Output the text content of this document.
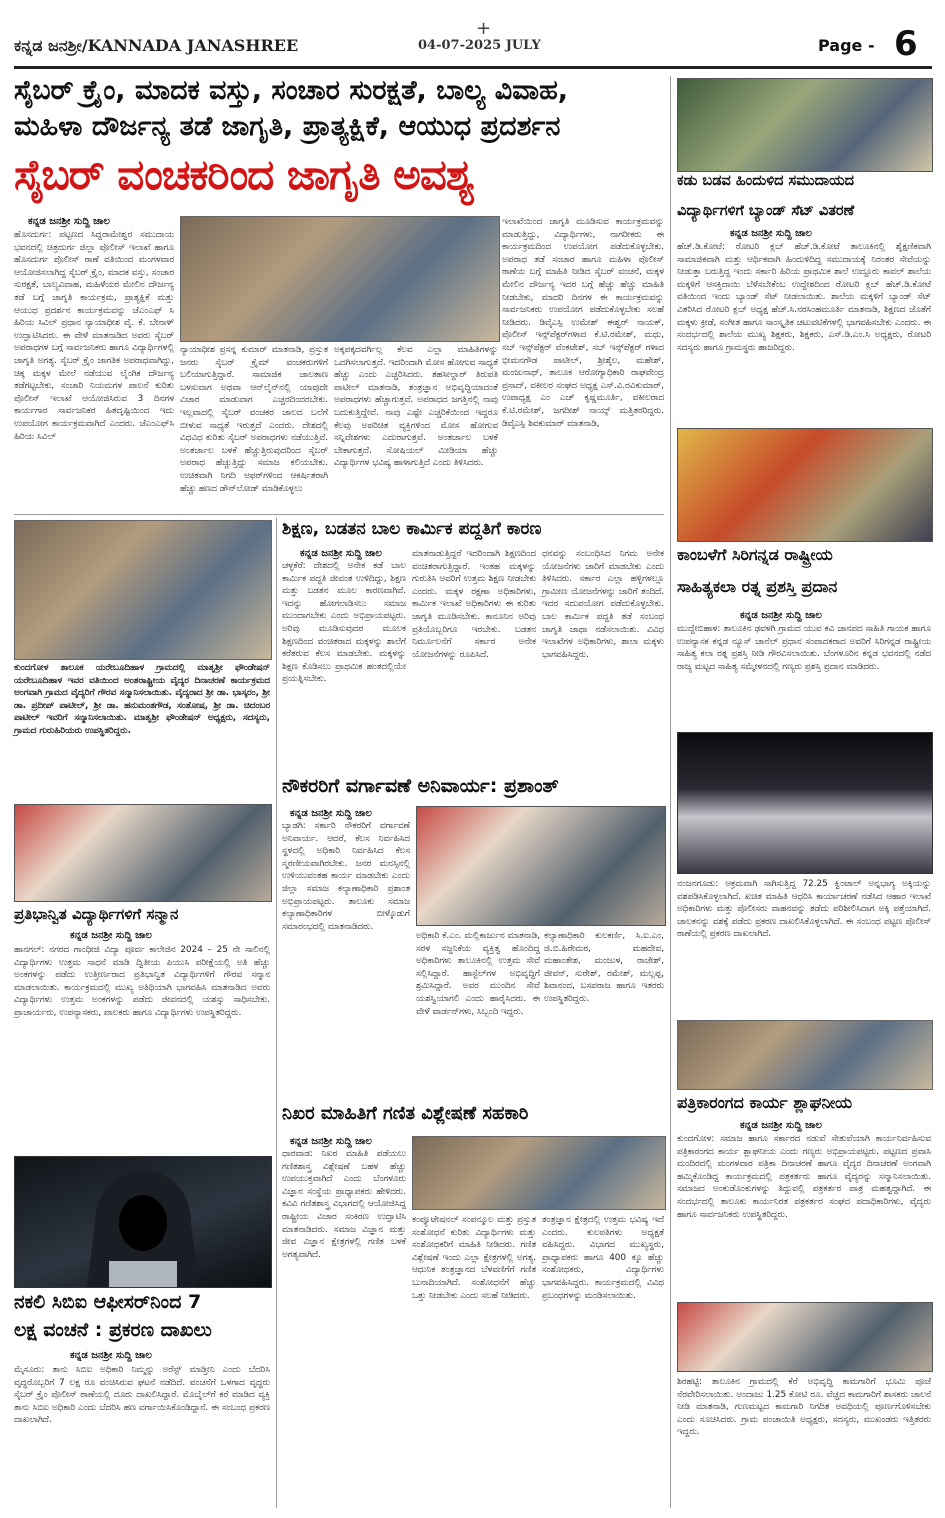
ಕನ್ನಡ ಜನಶ್ರೀ/KANNADA JANASHREE
+
04-07-2025 JULY	Page - 6
ಸೈಬರ್ ಕ್ರೈಂ, ಮಾದಕ ವಸ್ತು, ಸಂಚಾರ ಸುರಕ್ಷತೆ, ಬಾಲ್ಯ ವಿವಾಹ,
ಮಹಿಳಾ ದೌರ್ಜನ್ಯ ತಡೆ ಜಾಗೃತಿ, ಪ್ರಾತ್ಯಕ್ಷಿಕೆ, ಆಯುಧ ಪ್ರದರ್ಶನ
ಸೈಬರ್ ವಂಚಕರಿಂದ ಜಾಗೃತಿ ಅವಶ್ಯ
ಕನ್ನಡ ಜನಶ್ರೀ ಸುದ್ದಿ ಜಾಲ
ಹೊಸದುರ್ಗ: ಪಟ್ಟಣದ ಸಿದ್ದರಾಮೇಶ್ವರ ಸಮುದಾಯ ಭವನದಲ್ಲಿ ಚಿತ್ರದುರ್ಗ ಜಿಲ್ಲಾ ಪೊಲೀಸ್ ಇಲಾಖೆ ಹಾಗೂ ಹೊಸದುರ್ಗ ಪೊಲೀಸ್ ಠಾಣೆ ವತಿಯಿಂದ ಮಂಗಳವಾರ ಆಯೋಜಿಸಲಾಗಿದ್ದ ಸೈಬರ್ ಕ್ರೈಂ, ಮಾದಕ ವಸ್ತು, ಸಂಚಾರ ಸುರಕ್ಷತೆ, ಬಾಲ್ಯವಿವಾಹ, ಮಹಿಳೆಯರ ಮೇಲಿನ ದೌರ್ಜನ್ಯ ತಡೆ ಬಗ್ಗೆ ಜಾಗೃತಿ ಕಾರ್ಯಕ್ರಮ, ಪ್ರಾತ್ಯಕ್ಷಿಕೆ ಮತ್ತು ಆಯುಧ ಪ್ರದರ್ಶನ ಕಾರ್ಯಕ್ರಮವನ್ನು ಜೆಎಂಎಫ್ ಸಿ ಹಿರಿಯ ಸಿವಿಲ್ ಪ್ರಧಾನ ನ್ಯಾಯಾಧೀಶ ವೈ. ಕೆ. ಬೇನಾಳ್ ಉದ್ಘಾಟಿಸಿದರು. ಈ ವೇಳೆ ಮಾತನಾಡಿದ ಅವರು ಸೈಬರ್ ಅಪರಾಧಗಳ ಬಗ್ಗೆ ಸಾರ್ವಜನಿಕರು ಹಾಗೂ ವಿದ್ಯಾರ್ಥಿಗಳಲ್ಲಿ ಜಾಗೃತಿ ಅಗತ್ಯ. ಸೈಬರ್ ಕ್ರೈಂ ಜಾಗತಿಕ ಅಪರಾಧವಾಗಿದ್ದು, ಚಿಕ್ಕ ಮಕ್ಕಳ ಮೇಲೆ ನಡೆಯುವ ಲೈಂಗಿಕ ದೌರ್ಜನ್ಯ ತಡೆಗಟ್ಟಬೇಕು, ಸಂಚಾರಿ ನಿಯಮಗಳ ಪಾಲನೆ ಕುರಿತು ಪೊಲೀಸ್ ಇಲಾಖೆ ಆಯೋಜಿಸಿರುವ 3 ದಿನಗಳ ಕಾರ್ಯಗಾರ ಸಾರ್ವಜನಿಕರ ಹಿತದೃಷ್ಟಿಯಿಂದ ಇದು ಉಪಯೋಗ ಕಾರ್ಯಕ್ರಮವಾಗಿದೆ ಎಂದರು. ಜೆಎಂಎಫ್‌ಸಿ ಹಿರಿಯ ಸಿವಿಲ್
ನ್ಯಾಯಾಧೀಶ ಪ್ರಸನ್ನ ಕುಮಾರ್ ಮಾತನಾಡಿ, ಪ್ರಸ್ತುತ ಜನರು ಸೈಬರ್ ಕ್ರೈಮ್ ವಂಚಕರುಗಳಿಗೆ ಬಲಿಯಾಗುತ್ತಿದ್ದಾರೆ. ಸಾಮಾಜಿಕ ಜಾಲತಾಣ ಬಳಸುವಾಗ ಅಥವಾ ಆನ್‌ಲೈನ್‌ನಲ್ಲಿ ಯಾವುದೇ ವಿಚಾರ ಮಾಡುವಾಗ ಎಚ್ಚರದಿಂದರಬೇಕು. ಇಲ್ಲವಾದಲ್ಲಿ ಸೈಬರ್ ವಂಚಕರ ಜಾಲದ ಬಲೆಗೆ ಬೀಳುವ ಸಾಧ್ಯತೆ ಇರುತ್ತದೆ ಎಂದರು. ದೇಶದಲ್ಲಿ ವಿಧವಿಧ ಕುರಿತು ಸೈಬರ್ ಅಪರಾಧಗಳು ನಡೆಯುತ್ತಿವೆ. ಅಂತರ್ಜಾಲ ಬಳಕೆ ಹೆಚ್ಚುತ್ತಿರುವುದರಿಂದ ಸೈಬರ್ ಅಪರಾಧ ಹೆಚ್ಚುತ್ತಿದ್ದು ಸಮಾಜ ಕಲಿಯಬೇಕು. ಉಚಿತವಾಗಿ ನಿಗದಿ ಆಫರ್‌ಗಳಿಂದ ಆಕರ್ಷಿತರಾಗಿ ಹೆಚ್ಚು ಹಣದ ಡೌನ್‌ಲೋಡ್ ಮಾಡಿಕೊಳ್ಳಲು
ಅಕ್ಕಪಕ್ಕದವರ್ಗಿಲ್ಲ ಕೆಲವ ಎಲ್ಲಾ ಮಾಹಿತಿಗಳನ್ನು ಒದಗಿಸಲಾಗುತ್ತದೆ. ಇದರಿಂದಾಗಿ ಮೋಸ ಹೋಗುವ ಸಾಧ್ಯತೆ ಹೆಚ್ಚು ಎಂದು ಎಚ್ಚರಿಸಿದರು. ತಹಸೀಲ್ದಾರ್ ತಿರುಪತಿ ಪಾಟೀಲ್ ಮಾತನಾಡಿ, ತಂತ್ರಜ್ಞಾನ ಅಭಿವೃದ್ಧಿಯಾದಂತೆ ಅಪರಾಧಗಳು ಹೆಚ್ಚಾಗುತ್ತವೆ. ಅಪರಾಧದ ಜಗತ್ತಿನಲ್ಲಿ ನಾವು ಬದುಕುತ್ತಿದ್ದೇವೆ. ನಾವು ಎಷ್ಟೇ ಎಚ್ಚರಿಕೆಯಿಂದ ಇದ್ದರೂ ಕೆಲವು ಅಪರಿಚಿತ ವ್ಯಕ್ತಿಗಳಿಂದ ಮೋಸ ಹೋಗುವ ಸನ್ನಿವೇಶಗಳು ಎದುರಾಗುತ್ತವೆ. ಅಂತರ್ಜಾಲ ಬಳಕೆ ಬೇಕಾಗುತ್ತದೆ. ಸೋಷಿಯಲ್ ಮೀಡಿಯಾ ಹೆಚ್ಚು ವಿದ್ಯಾರ್ಥಿಗಳ ಭವಿಷ್ಯ ಹಾಳಾಗುತ್ತಿದೆ ಎಂದು ತಿಳಿಸಿದರು.
ಇಲಾಖೆಯಿಂದ ಜಾಗೃತಿ ಮೂಡಿಸುವ ಕಾರ್ಯಕ್ರಮವನ್ನು ಮಾಡುತ್ತಿದ್ದು, ವಿದ್ಯಾರ್ಥಿಗಳು, ನಾಗರೀಕರು ಈ ಕಾರ್ಯಕ್ರಮದಿಂದ ಉಪಯೋಗ ಪಡೆದುಕೊಳ್ಳಬೇಕು. ಅಪರಾಧ ತಡೆ ಸಂಚಾರ ಹಾಗೂ ಮಹಿಳಾ ಪೊಲೀಸ್ ಠಾಣೆಯ ಬಗ್ಗೆ ಮಾಹಿತಿ ನೀಡಿದ ಸೈಬರ್ ವಂಚನೆ, ಮಕ್ಕಳ ಮೇಲಿನ ದೌರ್ಜನ್ಯ ಇದರ ಬಗ್ಗೆ ಹೆಚ್ಚು ಹೆಚ್ಚು ಮಾಹಿತಿ ನೀಡಬೇಕು, ಮಾದರಿ ದಿನಗಳ ಈ ಕಾರ್ಯಕ್ರಮವನ್ನು ಸಾರ್ವಜನಿಕರು ಉಪಯೋಗ ಪಡೆದುಕೊಳ್ಳಬೇಕು ಸಲಹೆ ನೀಡಿದರು. ಡಿವೈಎಸ್ಪಿ ಉಮೇಶ್ ಈಶ್ವರ್ ನಾಯಕ್, ಪೊಲೀಸ್ ಇನ್ಸ್‌ಪೆಕ್ಟರ್‌ಗಳಾದ ಕೆ.ಟಿ.ರಮೇಶ್, ಮಧು, ಸಬ್ ಇನ್ಸ್‌ಪೆಕ್ಟರ್ ವೆಂಕಟೇಶ್, ಸಬ್ ಇನ್ಸ್‌ಪೆಕ್ಟರ್ ಗಳಾದ ಭೀಮನಗೌಡ ಪಾಟೀಲ್, ಶ್ರೀಶೈಲ, ಮಹೇಶ್, ಮಂಜುನಾಥ್, ತಾಲೂಕ ಆರೋಗ್ಯಾಧಿಕಾರಿ ರಾಘವೇಂದ್ರ ಪ್ರಸಾದ್, ವಕೀಲರ ಸಂಘದ ಅಧ್ಯಕ್ಷ ಎಸ್.ವಿ.ರವಿಕುಮಾರ್, ಉಪಾಧ್ಯಕ್ಷ ಎಂ ಎಚ್ ಕೃಷ್ಣಮೂರ್ತಿ, ವಕೀಲರಾದ ಕೆ.ಟಿ.ರಮೇಶ್, ಜಗದೀಶ್ ನಾಯ್ಕ್ ಮತ್ತಿತರರಿದ್ದರು. ಡಿವೈಎಸ್ಪಿ ಶಿವಕುಮಾರ್ ಮಾತನಾಡಿ,
ಕಡು ಬಡವ ಹಿಂದುಳಿದ ಸಮುದಾಯದ
ವಿದ್ಯಾರ್ಥಿಗಳಿಗೆ ಬ್ಯಾಂಡ್ ಸೆಟ್ ವಿತರಣೆ
ಕನ್ನಡ ಜನಶ್ರೀ ಸುದ್ದಿ ಜಾಲ
ಹೆಚ್.ಡಿ.ಕೋಟೆ: ರೋಟರಿ ಕ್ಲಬ್ ಹೆಚ್.ಡಿ.ಕೋಟೆ ತಾಲೂಕಿನಲ್ಲಿ ಶೈಕ್ಷಣಿಕವಾಗಿ ಸಾಮಾಜಿಕವಾಗಿ ಮತ್ತು ಆರ್ಥಿಕವಾಗಿ ಹಿಂದುಳಿದಿದ್ದ ಸಮುದಾಯಕ್ಕೆ ನಿರಂತರ ಸೇವೆಯನ್ನು ನೀಡುತ್ತಾ ಬರುತ್ತಿದ್ದ ಇಂದು ಸರ್ಕಾರಿ ಹಿರಿಯ ಪ್ರಾಥಮಿಕ ಶಾಲೆ ಉದ್ದೂರು ಕಾವಲ್ ಶಾಲೆಯ ಮಕ್ಕಳಿಗೆ ಆಸಕ್ತಿದಾಯಿ ಬೆಳೆಸಬೇಕೆಂಬ ಉದ್ದೇಶದಿಂದ ರೋಟರಿ ಕ್ಲಬ್ ಹೆಚ್.ಡಿ.ಕೋಟೆ ವತಿಯಿಂದ ಇಂದು ಬ್ಯಾಂಡ್ ಸೆಟ್ ನೀಡಲಾಯಿತು. ಶಾಲೆಯ ಮಕ್ಕಳಿಗೆ ಬ್ಯಾಂಡ್ ಸೆಟ್ ವಿತರಿಸಿದ ರೋಟರಿ ಕ್ಲಬ್ ಅಧ್ಯಕ್ಷ ಹೆಚ್.ಸಿ.ನರಸಿಂಹಮೂರ್ತಿ ಮಾತನಾಡಿ, ಶಿಕ್ಷಣದ ಜೊತೆಗೆ ಮಕ್ಕಳು ಕ್ರೀಡೆ, ಸಂಗೀತ ಹಾಗೂ ಸಾಂಸ್ಕೃತಿಕ ಚಟುವಟಿಕೆಗಳಲ್ಲಿ ಭಾಗವಹಿಸಬೇಕು ಎಂದರು. ಈ ಸಂದರ್ಭದಲ್ಲಿ ಶಾಲೆಯ ಮುಖ್ಯ ಶಿಕ್ಷಕರು, ಶಿಕ್ಷಕರು, ಎಸ್.ಡಿ.ಎಂ.ಸಿ ಅಧ್ಯಕ್ಷರು, ರೋಟರಿ ಸದಸ್ಯರು ಹಾಗೂ ಗ್ರಾಮಸ್ಥರು ಹಾಜರಿದ್ದರು.
ಕಾಂಬಳೆಗೆ ಸಿರಿಗನ್ನಡ ರಾಷ್ಟ್ರೀಯ
ಸಾಹಿತ್ಯಕಲಾ ರತ್ನ ಪ್ರಶಸ್ತಿ ಪ್ರದಾನ
ಕನ್ನಡ ಜನಶ್ರೀ ಸುದ್ದಿ ಜಾಲ
ಮುದ್ದೇಬಿಹಾಳ: ತಾಲೂಕಿನ ಢವಳಗಿ ಗ್ರಾಮದ ಯುವ ಕವಿ ಜಾನಪದ ಸಾಹಿತಿ ಗಾಯಕ ಹಾಗೂ ಉಪನ್ಯಾಸಕ ಕನ್ನಡ ನ್ಯೂಸ್ ಚಾನೆಲ್ ಪ್ರಧಾನ ಸಂಪಾದಕರಾದ ಅವರಿಗೆ ಸಿರಿಗನ್ನಡ ರಾಷ್ಟ್ರೀಯ ಸಾಹಿತ್ಯ ಕಲಾ ರತ್ನ ಪ್ರಶಸ್ತಿ ನೀಡಿ ಗೌರವಿಸಲಾಯಿತು. ಬೆಂಗಳೂರಿನ ಕನ್ನಡ ಭವನದಲ್ಲಿ ನಡೆದ ರಾಜ್ಯ ಮಟ್ಟದ ಸಾಹಿತ್ಯ ಸಮ್ಮೇಳನದಲ್ಲಿ ಗಣ್ಯರು ಪ್ರಶಸ್ತಿ ಪ್ರದಾನ ಮಾಡಿದರು.
ನಂಜನಗೂಡು: ಅಕ್ರಮವಾಗಿ ಸಾಗಿಸುತ್ತಿದ್ದ 72.25 ಕ್ವಿಂಟಾಲ್ ಅನ್ನಭಾಗ್ಯ ಅಕ್ಕಿಯನ್ನು ವಶಪಡಿಸಿಕೊಳ್ಳಲಾಗಿದೆ. ಖಚಿತ ಮಾಹಿತಿ ಆಧರಿಸಿ ಕಾರ್ಯಾಚರಣೆ ನಡೆಸಿದ ಆಹಾರ ಇಲಾಖೆ ಅಧಿಕಾರಿಗಳು ಮತ್ತು ಪೊಲೀಸರು ವಾಹನವನ್ನು ತಡೆದು ಪರಿಶೀಲಿಸಿದಾಗ ಅಕ್ಕಿ ಪತ್ತೆಯಾಗಿದೆ. ಚಾಲಕನನ್ನು ವಶಕ್ಕೆ ಪಡೆದು ಪ್ರಕರಣ ದಾಖಲಿಸಿಕೊಳ್ಳಲಾಗಿದೆ. ಈ ಸಂಬಂಧ ಪಟ್ಟಣ ಪೊಲೀಸ್ ಠಾಣೆಯಲ್ಲಿ ಪ್ರಕರಣ ದಾಖಲಾಗಿದೆ.
ಪತ್ರಿಕಾರಂಗದ ಕಾರ್ಯ ಶ್ಲಾಘನೀಯ
ಕನ್ನಡ ಜನಶ್ರೀ ಸುದ್ದಿ ಜಾಲ
ಕುಂದಗೋಳ: ಸಮಾಜ ಹಾಗೂ ಸರ್ಕಾರದ ನಡುವೆ ಸೇತುವೆಯಾಗಿ ಕಾರ್ಯನಿರ್ವಹಿಸುವ ಪತ್ರಿಕಾರಂಗದ ಕಾರ್ಯ ಶ್ಲಾಘನೀಯ ಎಂದು ಗಣ್ಯರು ಅಭಿಪ್ರಾಯಪಟ್ಟರು. ಪಟ್ಟಣದ ಪ್ರವಾಸಿ ಮಂದಿರದಲ್ಲಿ ಮಂಗಳವಾರ ಪತ್ರಿಕಾ ದಿನಾಚರಣೆ ಹಾಗೂ ವೈದ್ಯರ ದಿನಾಚರಣೆ ಅಂಗವಾಗಿ ಹಮ್ಮಿಕೊಂಡಿದ್ದ ಕಾರ್ಯಕ್ರಮದಲ್ಲಿ ಪತ್ರಕರ್ತರು ಹಾಗೂ ವೈದ್ಯರನ್ನು ಸನ್ಮಾನಿಸಲಾಯಿತು. ಸಮಾಜದ ಅಂಕುಡೊಂಕುಗಳನ್ನು ತಿದ್ದುವಲ್ಲಿ ಪತ್ರಕರ್ತರ ಪಾತ್ರ ಮಹತ್ವದ್ದಾಗಿದೆ. ಈ ಸಂದರ್ಭದಲ್ಲಿ ತಾಲೂಕು ಕಾರ್ಯನಿರತ ಪತ್ರಕರ್ತರ ಸಂಘದ ಪದಾಧಿಕಾರಿಗಳು, ವೈದ್ಯರು ಹಾಗೂ ಸಾರ್ವಜನಿಕರು ಉಪಸ್ಥಿತರಿದ್ದರು.
ಶಿರಹಟ್ಟಿ: ತಾಲೂಕಿನ ಗ್ರಾಮದಲ್ಲಿ ಕೆರೆ ಅಭಿವೃದ್ಧಿ ಕಾಮಗಾರಿಗೆ ಭೂಮಿ ಪೂಜೆ ನೆರವೇರಿಸಲಾಯಿತು. ಅಂದಾಜು 1.25 ಕೋಟಿ ರೂ. ವೆಚ್ಚದ ಕಾಮಗಾರಿಗೆ ಶಾಸಕರು ಚಾಲನೆ ನೀಡಿ ಮಾತನಾಡಿ, ಗುಣಮಟ್ಟದ ಕಾಮಗಾರಿ ನಿಗದಿತ ಅವಧಿಯಲ್ಲಿ ಪೂರ್ಣಗೊಳಿಸಬೇಕು ಎಂದು ಸೂಚಿಸಿದರು. ಗ್ರಾಮ ಪಂಚಾಯಿತಿ ಅಧ್ಯಕ್ಷರು, ಸದಸ್ಯರು, ಮುಖಂಡರು ಇತ್ತಿತರರು ಇದ್ದರು.
ಕುಂದಗೋಳ ತಾಲೂಕ ಯರೇಬೂದಿಹಾಳ ಗ್ರಾಮದಲ್ಲಿ ಮಾತೃಶ್ರೀ ಫೌಂಡೇಷನ್ ಯರೇಬೂದಿಹಾಳ ಇವರ ವತಿಯಿಂದ ಅಂತರಾಷ್ಟ್ರೀಯ ವೈದ್ಯರ ದಿನಾಚರಣೆ ಕಾರ್ಯಕ್ರಮದ ಅಂಗವಾಗಿ ಗ್ರಾಮದ ವೈದ್ಯರಿಗೆ ಗೌರವ ಸನ್ಮಾನಿಸಲಾಯಿತು. ವೈದ್ಯರಾದ ಶ್ರೀ ಡಾ. ಭಾಸ್ಕರಂ, ಶ್ರೀ ಡಾ. ಪ್ರದೀಪ್ ಪಾಟೀಲ್, ಶ್ರೀ ಡಾ. ಹನುಮಂತಗೌಡ, ಸಂತೋಷ, ಶ್ರೀ ಡಾ. ಚಿದಂಬರ ಪಾಟೀಲ್ ಇವರಿಗೆ ಸನ್ಮಾನಿಸಲಾಯಿತು. ಮಾತೃಶ್ರೀ ಫೌಂಡೇಷನ್ ಅಧ್ಯಕ್ಷರು, ಸದಸ್ಯರು, ಗ್ರಾಮದ ಗುರುಹಿರಿಯರು ಉಪಸ್ಥಿತರಿದ್ದರು.
ಪ್ರತಿಭಾನ್ವಿತ ವಿದ್ಯಾರ್ಥಿಗಳಿಗೆ ಸನ್ಮಾನ
ಕನ್ನಡ ಜನಶ್ರೀ ಸುದ್ದಿ ಜಾಲ
ಹಾನಗಲ್: ನಗರದ ಗಾಂಧೀಜಿ ವಿದ್ಯಾ ಪೂರ್ವ ಕಾಲೇಜಿನ 2024 – 25 ನೇ ಸಾಲಿನಲ್ಲಿ ವಿದ್ಯಾರ್ಥಿಗಳು ಉತ್ತಮ ಸಾಧನೆ ಮಾಡಿ ದ್ವಿತೀಯ ಪಿಯುಸಿ ಪರೀಕ್ಷೆಯಲ್ಲಿ ಅತಿ ಹೆಚ್ಚು ಅಂಕಗಳನ್ನು ಪಡೆದು ಉತ್ತೀರ್ಣರಾದ ಪ್ರತಿಭಾನ್ವಿತ ವಿದ್ಯಾರ್ಥಿಗಳಿಗೆ ಗೌರವ ಸನ್ಮಾನ ಮಾಡಲಾಯಿತು. ಕಾರ್ಯಕ್ರಮದಲ್ಲಿ ಮುಖ್ಯ ಅತಿಥಿಯಾಗಿ ಭಾಗವಹಿಸಿ ಮಾತನಾಡಿದ ಅವರು ವಿದ್ಯಾರ್ಥಿಗಳು ಉತ್ತಮ ಅಂಕಗಳನ್ನು ಪಡೆದು ಜೀವನದಲ್ಲಿ ಯಶಸ್ಸು ಸಾಧಿಸಬೇಕು. ಪ್ರಾಚಾರ್ಯರು, ಉಪನ್ಯಾಸಕರು, ಪಾಲಕರು ಹಾಗೂ ವಿದ್ಯಾರ್ಥಿಗಳು ಉಪಸ್ಥಿತರಿದ್ದರು.
ನಕಲಿ ಸಿಬಿಐ ಆಫೀಸರ್‌ನಿಂದ 7
ಲಕ್ಷ ವಂಚನೆ : ಪ್ರಕರಣ ದಾಖಲು
ಕನ್ನಡ ಜನಶ್ರೀ ಸುದ್ದಿ ಜಾಲ
ಮೈಸೂರು: ತಾನು ಸಿಬಿಐ ಅಧಿಕಾರಿ ನಿಮ್ಮನ್ನು ಅರೆಸ್ಟ್ ಮಾಡ್ತೀನಿ ಎಂದು ಬೆದರಿಸಿ ವೃದ್ಧರೊಬ್ಬರಿಗೆ 7 ಲಕ್ಷ ರೂ ವಂಚಿಸಿರುವ ಘಟನೆ ನಡೆದಿದೆ. ವಂಚನೆಗೆ ಒಳಗಾದ ವೃದ್ಧರು ಸೈಬರ್ ಕ್ರೈಂ ಪೊಲೀಸ್ ಠಾಣೆಯಲ್ಲಿ ದೂರು ದಾಖಲಿಸಿದ್ದಾರೆ. ಮೊಬೈಲ್‌ಗೆ ಕರೆ ಮಾಡಿದ ವ್ಯಕ್ತಿ ತಾನು ಸಿಬಿಐ ಅಧಿಕಾರಿ ಎಂದು ಬೆದರಿಸಿ ಹಣ ವರ್ಗಾಯಿಸಿಕೊಂಡಿದ್ದಾನೆ. ಈ ಸಂಬಂಧ ಪ್ರಕರಣ ದಾಖಲಾಗಿದೆ.
ಶಿಕ್ಷಣ, ಬಡತನ ಬಾಲ ಕಾರ್ಮಿಕ ಪದ್ದತಿಗೆ ಕಾರಣ
ಕನ್ನಡ ಜನಶ್ರೀ ಸುದ್ದಿ ಜಾಲ
ಚಳ್ಳಕೆರೆ: ದೇಶದಲ್ಲಿ ಅನೇಕ ಕಡೆ ಬಾಲ ಕಾರ್ಮಿಕ ಪದ್ಧತಿ ಜೀವಂತ ಉಳಿದಿದ್ದು, ಶಿಕ್ಷಣ ಮತ್ತು ಬಡತನ ಮೂಲ ಕಾರಣವಾಗಿವೆ. ಇದನ್ನು ಹೋಗಲಾಡಿಸಲು ಸಮಾಜ ಮುಂದಾಗಬೇಕು ಎಂದು ಅಭಿಪ್ರಾಯಪಟ್ಟರು. ಅರಿವು ಮೂಡಿಸುವುದರ ಮೂಲಕ ಶಿಕ್ಷಣದಿಂದ ವಂಚಿತರಾದ ಮಕ್ಕಳನ್ನು ಶಾಲೆಗೆ ಕರೆತರುವ ಕೆಲಸ ಮಾಡಬೇಕು. ಮಕ್ಕಳನ್ನು ಶಿಕ್ಷಣ ಕೊಡಿಸಲು ಪ್ರಾಥಮಿಕ ಹಂತದಲ್ಲಿಯೇ ಪ್ರಯತ್ನಿಸಬೇಕು.
ಮಾತನಾಡುತ್ತಿದ್ದರೆ ಇದರಿಂದಾಗಿ ಶಿಕ್ಷಣದಿಂದ ವಂಚಿತರಾಗುತ್ತಿದ್ದಾರೆ. ಇಂತಹ ಮಕ್ಕಳನ್ನು ಗುರುತಿಸಿ ಅವರಿಗೆ ಉತ್ತಮ ಶಿಕ್ಷಣ ನೀಡಬೇಕು ಎಂದರು. ಮಕ್ಕಳ ರಕ್ಷಣಾ ಅಧಿಕಾರಿಗಳು, ಕಾರ್ಮಿಕ ಇಲಾಖೆ ಅಧಿಕಾರಿಗಳು ಈ ಕುರಿತು ಜಾಗೃತಿ ಮೂಡಿಸಬೇಕು. ಕಾನೂನಿನ ಅರಿವು ಪ್ರತಿಯೊಬ್ಬರಿಗೂ ಇರಬೇಕು. ಬಡತನ ನಿರ್ಮೂಲನೆಗೆ ಸರ್ಕಾರ ಅನೇಕ ಯೋಜನೆಗಳನ್ನು ರೂಪಿಸಿದೆ.
ಧನವನ್ನು ಸಂಬಂಧಿಸಿದ ನಿಗಮ ಅನೇಕ ಯೋಜನೆಗಳು ಜಾರಿಗೆ ಮಾಡಬೇಕು ಎಂದು ತಿಳಿಸಿದರು. ಸರ್ಕಾರ ಎಲ್ಲಾ ಹಳ್ಳಿಗಳಲ್ಲೂ ಗ್ರಾಮೀಣ ಯೋಜನೆಗಳನ್ನು ಜಾರಿಗೆ ತಂದಿದೆ. ಇದರ ಸದುಪಯೋಗ ಪಡೆದುಕೊಳ್ಳಬೇಕು. ಬಾಲ ಕಾರ್ಮಿಕ ಪದ್ಧತಿ ತಡೆ ಸಂಬಂಧ ಜಾಗೃತಿ ಜಾಥಾ ನಡೆಸಲಾಯಿತು. ವಿವಿಧ ಇಲಾಖೆಗಳ ಅಧಿಕಾರಿಗಳು, ಶಾಲಾ ಮಕ್ಕಳು ಭಾಗವಹಿಸಿದ್ದರು.
ನೌಕರರಿಗೆ ವರ್ಗಾವಣೆ ಅನಿವಾರ್ಯ: ಪ್ರಶಾಂತ್
ಕನ್ನಡ ಜನಶ್ರೀ ಸುದ್ದಿ ಜಾಲ
ಬ್ಯಾಡಗಿ: ಸರ್ಕಾರಿ ನೌಕರರಿಗೆ ವರ್ಗಾವಣೆ ಅನಿವಾರ್ಯ. ಆದರೆ, ಕೆಲಸ ನಿರ್ವಹಿಸಿದ ಸ್ಥಳದಲ್ಲಿ ಅಧಿಕಾರಿ ನಿರ್ವಹಿಸಿದ ಕೆಲಸ ಸ್ಮರಣೀಯವಾಗಿರಬೇಕು. ಜನರ ಮನಸ್ಸಿನಲ್ಲಿ ಉಳಿಯುವಂತಹ ಕಾರ್ಯ ಮಾಡಬೇಕು ಎಂದು ಜಿಲ್ಲಾ ಸಮಾಜ ಕಲ್ಯಾಣಾಧಿಕಾರಿ ಪ್ರಶಾಂತ ಅಭಿಪ್ರಾಯಪಟ್ಟರು. ತಾಲೂಕು ಸಮಾಜ ಕಲ್ಯಾಣಾಧಿಕಾರಿಗಳ ಬೀಳ್ಕೊಡುಗೆ ಸಮಾರಂಭದಲ್ಲಿ ಮಾತನಾಡಿದರು.
ಅಧಿಕಾರಿ ಕೆ.ಎಂ. ಮಲ್ಲಿಕಾರ್ಜುನ ಮಾತನಾಡಿ, ಸರಳ ಸಜ್ಜನಿಕೆಯ ವ್ಯಕ್ತಿತ್ವ ಹೊಂದಿದ್ದ ಅಧಿಕಾರಿಗಳು ತಾಲೂಕಿನಲ್ಲಿ ಉತ್ತಮ ಸೇವೆ ಸಲ್ಲಿಸಿದ್ದಾರೆ. ಹಾಸ್ಟೆಲ್‌ಗಳ ಅಭಿವೃದ್ಧಿಗೆ ಶ್ರಮಿಸಿದ್ದಾರೆ. ಅವರ ಮುಂದಿನ ಸೇವೆ ಯಶಸ್ವಿಯಾಗಲಿ ಎಂದು ಹಾರೈಸಿದರು. ಈ ವೇಳೆ ವಾರ್ಡನ್‌ಗಳು, ಸಿಬ್ಬಂದಿ ಇದ್ದರು.
ಕಲ್ಯಾಣಾಧಿಕಾರಿ ಕುಲಕರ್ಣಿ, ಸಿ.ಐ.ಎಂ, ಜಿ.ಬಿ.ಹಿರೇಮಠ, ಮಹದೇವ, ಮಹಾಂತೇಶ, ಮಂಜುಳ, ರಾಜೇಶ್, ಜೀವನ್, ಸುರೇಶ್, ರಮೇಶ್, ಮಲ್ಲಪ್ಪ, ಶಿವಾನಂದ, ಬಸವರಾಜ ಹಾಗೂ ಇತರರು ಉಪಸ್ಥಿತರಿದ್ದರು.
ನಿಖರ ಮಾಹಿತಿಗೆ ಗಣಿತ ವಿಶ್ಲೇಷಣೆ ಸಹಕಾರಿ
ಕನ್ನಡ ಜನಶ್ರೀ ಸುದ್ದಿ ಜಾಲ
ಧಾರವಾಡ: ನಿಖರ ಮಾಹಿತಿ ಪಡೆಯಲು ಗಣಿತಶಾಸ್ತ್ರ ವಿಶ್ಲೇಷಣೆ ಬಹಳ ಹೆಚ್ಚು ಉಪಯುಕ್ತವಾಗಿದೆ ಎಂದು ಬೆಂಗಳೂರು ವಿಜ್ಞಾನ ಸಂಸ್ಥೆಯ ಪ್ರಾಧ್ಯಾಪಕರು ಹೇಳಿದರು. ಕವಿವಿ ಗಣಿತಶಾಸ್ತ್ರ ವಿಭಾಗದಲ್ಲಿ ಆಯೋಜಿಸಿದ್ದ ರಾಷ್ಟ್ರೀಯ ವಿಚಾರ ಸಂಕಿರಣ ಉದ್ಘಾಟಿಸಿ ಮಾತನಾಡಿದರು. ಸಮಾಜ ವಿಜ್ಞಾನ ಮತ್ತು ಜೀವ ವಿಜ್ಞಾನ ಕ್ಷೇತ್ರಗಳಲ್ಲಿ ಗಣಿತ ಬಳಕೆ ಅಗತ್ಯವಾಗಿದೆ.
ಕಂಪ್ಯೂಟೇಷನಲ್ ಸಂಪನ್ಮೂಲ ಮತ್ತು ಪ್ರಸ್ತುತ ಸಂಶೋಧನೆ ಕುರಿತು ವಿದ್ಯಾರ್ಥಿಗಳು ಮತ್ತು ಸಂಶೋಧಕರಿಗೆ ಮಾಹಿತಿ ನೀಡಿದರು. ಗಣಿತ ವಿಶ್ಲೇಷಣೆ ಇಂದು ಎಲ್ಲಾ ಕ್ಷೇತ್ರಗಳಲ್ಲಿ ಅಗತ್ಯ. ಆಧುನಿಕ ತಂತ್ರಜ್ಞಾನದ ಬೆಳವಣಿಗೆಗೆ ಗಣಿತ ಬುನಾದಿಯಾಗಿದೆ. ಸಂಶೋಧನೆಗೆ ಹೆಚ್ಚು ಒತ್ತು ನೀಡಬೇಕು ಎಂದು ಸಲಹೆ ನೀಡಿದರು.
ತಂತ್ರಜ್ಞಾನ ಕ್ಷೇತ್ರದಲ್ಲಿ ಉತ್ತಮ ಭವಿಷ್ಯ ಇದೆ ಎಂದರು. ಕುಲಪತಿಗಳು ಅಧ್ಯಕ್ಷತೆ ವಹಿಸಿದ್ದರು. ವಿಭಾಗದ ಮುಖ್ಯಸ್ಥರು, ಪ್ರಾಧ್ಯಾಪಕರು ಹಾಗೂ 400 ಕ್ಕೂ ಹೆಚ್ಚು ಸಂಶೋಧಕರು, ವಿದ್ಯಾರ್ಥಿಗಳು ಭಾಗವಹಿಸಿದ್ದರು. ಕಾರ್ಯಕ್ರಮದಲ್ಲಿ ವಿವಿಧ ಪ್ರಬಂಧಗಳನ್ನು ಮಂಡಿಸಲಾಯಿತು.
